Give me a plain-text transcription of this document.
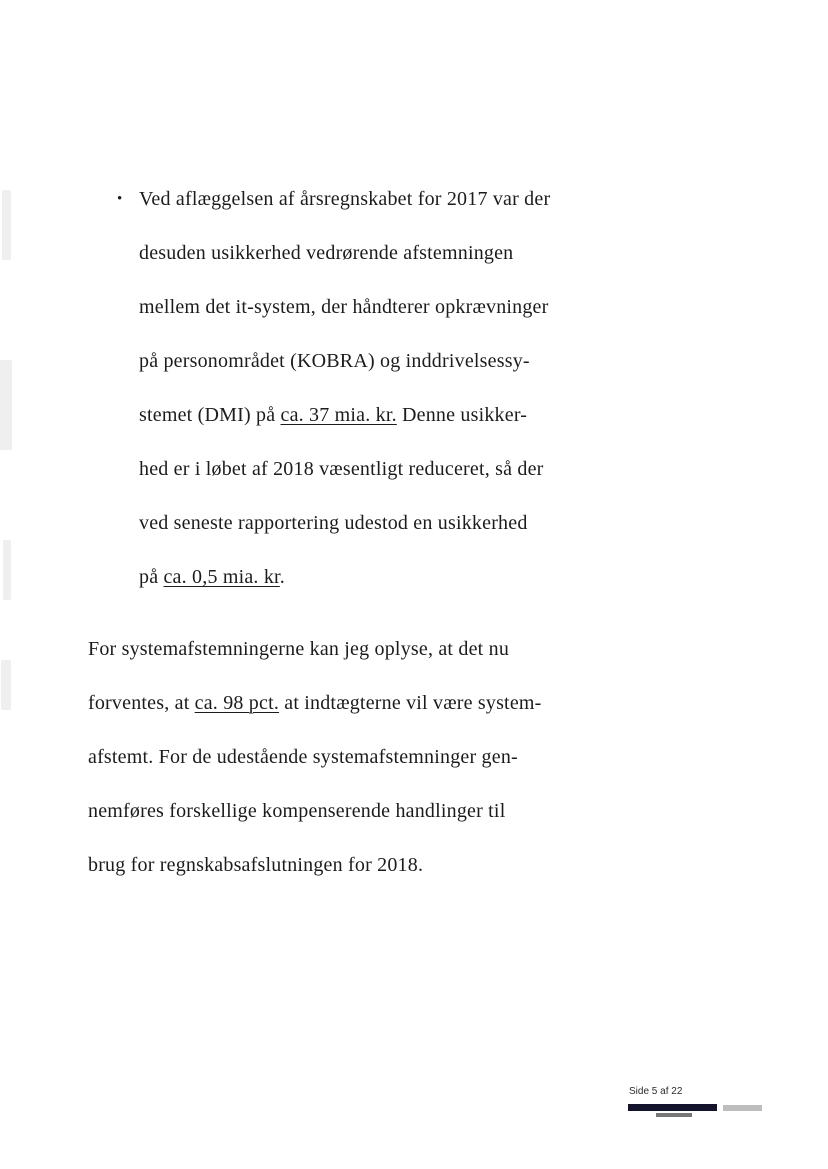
• Ved aflæggelsen af årsregnskabet for 2017 var der
desuden usikkerhed vedrørende afstemningen
mellem det it-system, der håndterer opkrævninger
på personområdet (KOBRA) og inddrivelsessy-
stemet (DMI) på ca. 37 mia. kr. Denne usikker-
hed er i løbet af 2018 væsentligt reduceret, så der
ved seneste rapportering udestod en usikkerhed
på ca. 0,5 mia. kr.
For systemafstemningerne kan jeg oplyse, at det nu
forventes, at ca. 98 pct. at indtægterne vil være system-
afstemt. For de udestående systemafstemninger gen-
nemføres forskellige kompenserende handlinger til
brug for regnskabsafslutningen for 2018.
Side 5 af 22
